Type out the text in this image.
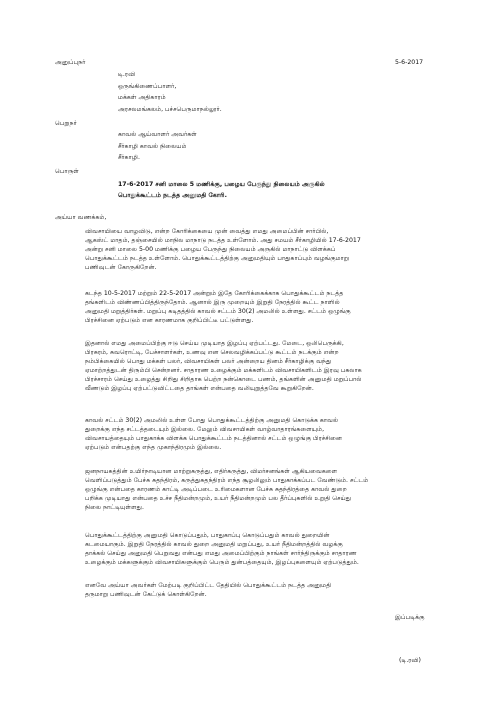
அனுப்புநர்	5-6-2017
டி.ரவி
ஒருங்கிணைப்பாளர்,
மக்கள் அதிகாரம்
அரசலமங்கலம், பச்சபெருமாநல்லூர்.
பெறுநர்
காவல் ஆய்வாளர் அவர்கள்
சீர்காழி காவல் நிலையம்
சீர்காழி.
பொருள்
17-6-2017 சனி மாலை 5 மணிக்கு, பழைய பேருந்து நிலையம் அருகில்
பொதுக்கூட்டம் நடத்த அனுமதி கோரி.
அய்யா வணக்கம்,
விவசாயியை வாழவிடு, என்ற கோரிக்கையை முன் வைத்து எமது அமைப்பின் சார்பில்,
ஆகஸ்ட் மாதம், தஞ்சையில் மாநில மாநாடு நடத்த உள்ளோம். அது சமயம் சீர்காழியில் 17-6-2017
அன்று சனி மாலை 5-00 மணிக்கு பழைய பேருந்து நிலையம் அருகில் மாநாட்டு விளக்கப்
பொதுக்கூட்டம் நடத்த உள்ளோம். பொதுக்கூட்டத்திற்கு அனுமதியும் பாதுகாப்பும் வழங்குமாறு
பணிவுடன் கோருகிறேன்.
கடந்த 10-5-2017 மற்றும் 22-5-2017 அன்றும் இதே கோரிக்கைக்காக பொதுக்கூட்டம் நடத்த
தங்களிடம் விண்ணப்பித்திருந்தோம். ஆனால் இரு முறையும் இறுதி நேரத்தில் கூட்ட நாளில்
அனுமதி மறுத்திர்கள். மறுப்பு கடிதத்தில் காவல் சட்டம் 30(2) அமலில் உள்ளது. சட்டம் ஒழுங்கு
பிரச்சினை ஏற்படும் என காரணமாக குறிப்பிட்டீ பட்டுள்ளது.
இதனால் எமது அமைப்பிற்கு ஈடு செய்ய முடியாத இழப்பு ஏற்பட்டது. மேடை, ஒலிபெருக்கி,
பிரசுரம், சுவரொட்டி, பேச்சாளர்கள், உணவு என செலவழிக்கப்பட்டு கூட்டம் நடக்கும் என்ற
நம்பிக்கையில் பொது மக்கள் பலர், விவசாயிகள் பலர் அன்றைய தினம் சீர்காழிக்கு வந்து
ஏமாற்றத்துடன் திரும்பி சென்றனர். சாதாரண உழைக்கும் மக்களிடம் விவசாயிகளிடம் இரவு பகலாக
பிரச்சாரம் செய்து உழைத்து சிறிது சிறிதாக பெற்ற நன்கொடை பணம், தங்களின் அனுமதி மறுப்பால்
வீணடும் இழப்பு ஏற்பட்டுவிட்டதை தாங்கள் என்பதை வலியுறுத்தவே கூறுகிறேன்.
காவல் சட்டம் 30(2) அமலில் உள்ள போது பொதுக்கூட்டத்திற்கு அனுமதி கொடுக்க காவல்
துறைக்கு எந்த சட்டத்தடையும் இல்லை. மேலும் விவசாயிகள் வாழ்வாதாரங்களையும்,
விவசாயத்தையும் பாதுகாக்க விளக்க பொதுக்கூட்டம் நடத்தினால் சட்டம் ஒழுங்கு பிரச்சினை
ஏற்படும் என்பதற்கு எந்த முகாந்திரமும் இல்லை.
ஜனநாயகத்தின் உயிர்நாடியான மாற்றுகருத்து, எதிர்கருத்து, விமர்சனங்கள் ஆகியவைகளை
வெளிப்படுத்தும் பேச்சு சுதந்திரம், கருத்துசுதந்திரம் எந்த சூழலிலும் பாதுகாக்கப்பட வேண்டும். சட்டம்
ஒழுங்கு என்பதை காரணம் காட்டி அடிப்படை உரிமைகளான பேச்சு சுதந்திரத்தை காவல் துறை
பறிக்க முடியாது என்பதை உச்ச நீதிமன்றமும், உயர் நீதிமன்றமும் பல தீர்ப்புகளில் உறுதி செய்து
நிலை நாட்டியுள்ளது.
பொதுக்கூட்டத்திற்கு அனுமதி கொடுப்பதும், பாதுகாப்பு கொடுப்பதும் காவல் துறையின்
கடமையாகும். இறுதி நேரத்தில் காவல் துறை அனுமதி மறுப்பது, உயர் நீதிமன்றத்தில் வழக்கு
தாக்கல் செய்து அனுமதி பெறுவது என்பது எமது அமைப்பிற்கும் நாங்கள் சார்ந்திருக்கும் சாதாரண
உழைக்கும் மக்களுக்கும் விவசாயிகளுக்கும் பெரும் துன்பத்தையும், இழப்புகளையும் ஏற்படுத்தும்.
எனவே அய்யா அவர்கள் மேற்படி குறிப்பிட்ட தேதியில் பொதுக்கூட்டம் நடத்த அனுமதி
தருமாறு பணிவுடன் கேட்டுக் கொள்கிறேன்.
இப்படிக்கு
(டி.ரவி)
